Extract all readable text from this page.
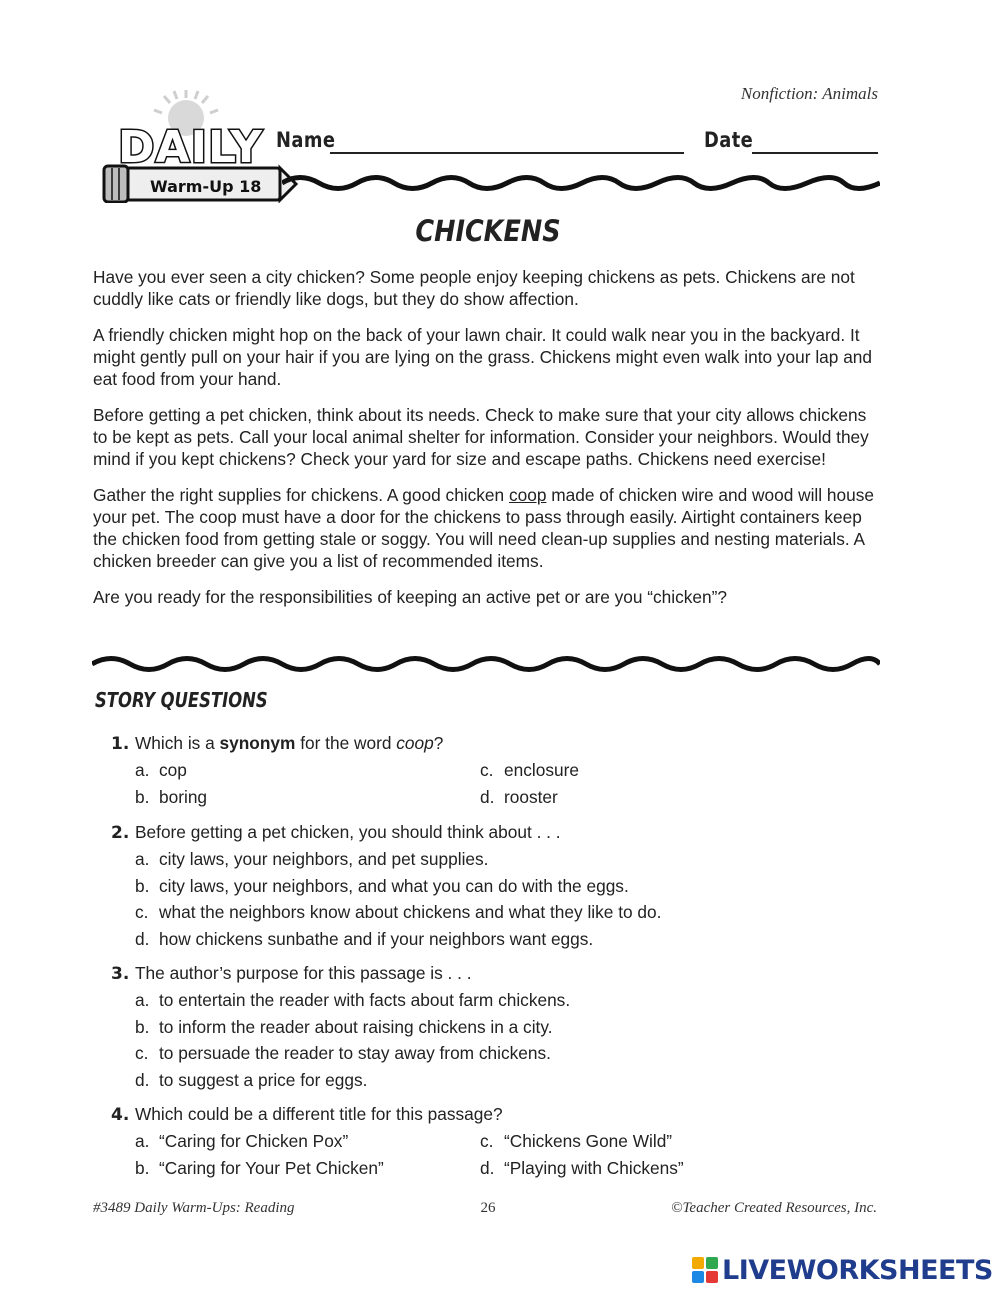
Nonfiction: Animals
DAILY
Warm-Up 18
Name	Date
CHICKENS

Have you ever seen a city chicken? Some people enjoy keeping chickens as pets. Chickens are not cuddly like cats or friendly like dogs, but they do show affection.

A friendly chicken might hop on the back of your lawn chair. It could walk near you in the backyard. It might gently pull on your hair if you are lying on the grass. Chickens might even walk into your lap and eat food from your hand.

Before getting a pet chicken, think about its needs. Check to make sure that your city allows chickens to be kept as pets. Call your local animal shelter for information. Consider your neighbors. Would they mind if you kept chickens? Check your yard for size and escape paths. Chickens need exercise!

Gather the right supplies for chickens. A good chicken coop made of chicken wire and wood will house your pet. The coop must have a door for the chickens to pass through easily. Airtight containers keep the chicken food from getting stale or soggy. You will need clean-up supplies and nesting materials. A chicken breeder can give you a list of recommended items.

Are you ready for the responsibilities of keeping an active pet or are you “chicken”?

STORY QUESTIONS
1. Which is a synonym for the word coop?
a. cop	c. enclosure
b. boring	d. rooster
2. Before getting a pet chicken, you should think about . . .
a. city laws, your neighbors, and pet supplies.
b. city laws, your neighbors, and what you can do with the eggs.
c. what the neighbors know about chickens and what they like to do.
d. how chickens sunbathe and if your neighbors want eggs.
3. The author’s purpose for this passage is . . .
a. to entertain the reader with facts about farm chickens.
b. to inform the reader about raising chickens in a city.
c. to persuade the reader to stay away from chickens.
d. to suggest a price for eggs.
4. Which could be a different title for this passage?
a. “Caring for Chicken Pox”	c. “Chickens Gone Wild”
b. “Caring for Your Pet Chicken”	d. “Playing with Chickens”
#3489 Daily Warm-Ups: Reading	26	©Teacher Created Resources, Inc.
LIVEWORKSHEETS
